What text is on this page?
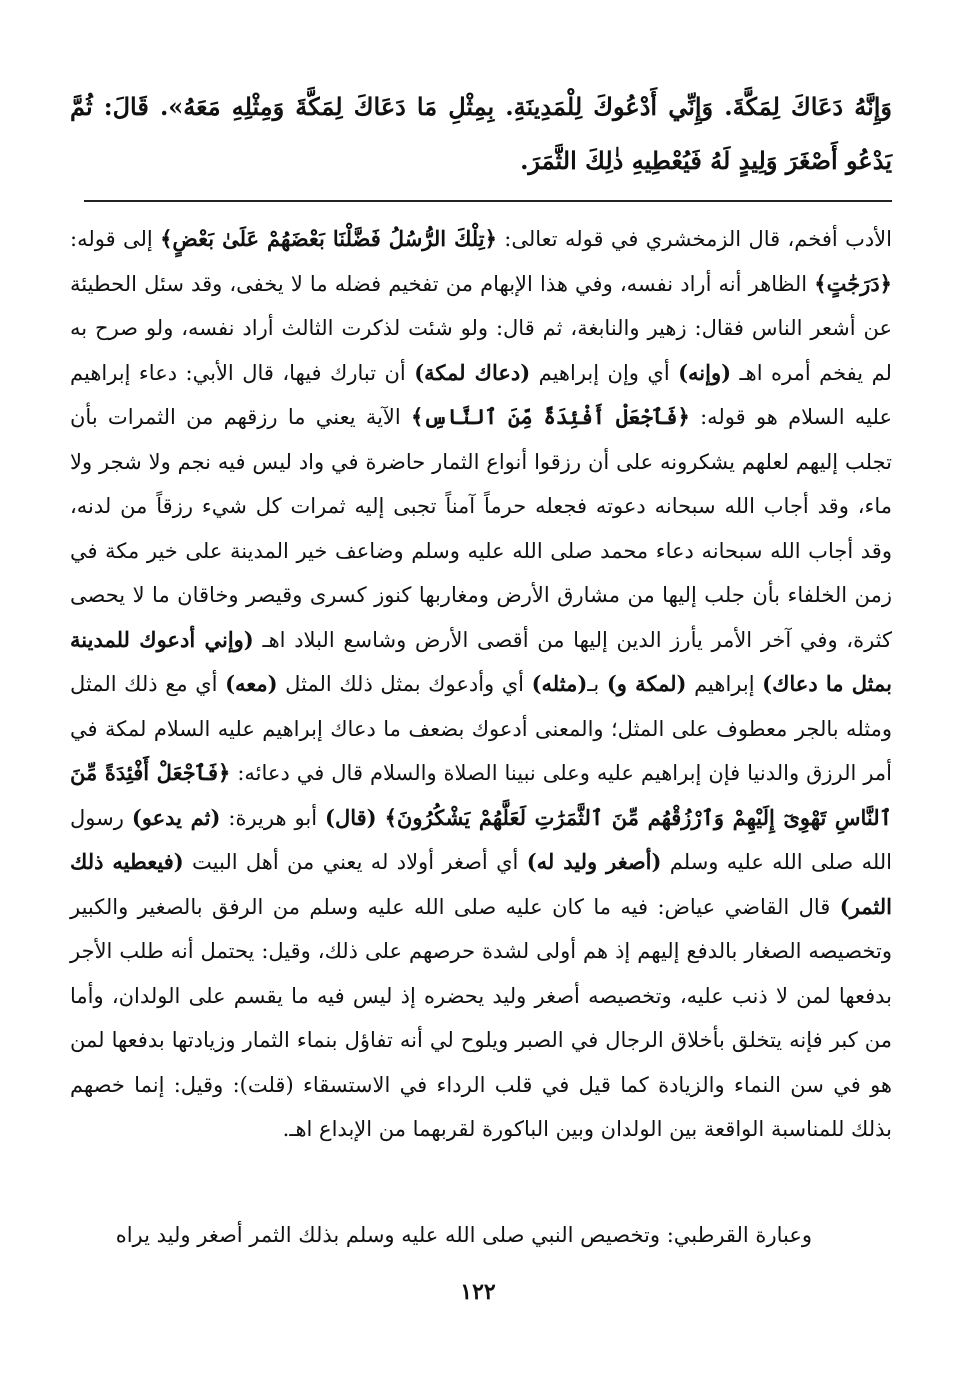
وَإِنَّهُ دَعَاكَ لِمَكَّةَ. وَإِنِّي أَدْعُوكَ لِلْمَدِينَةِ. بِمِثْلِ مَا دَعَاكَ لِمَكَّةَ وَمِثْلِهِ مَعَهُ». قَالَ: ثُمَّ يَدْعُو أَصْغَرَ وَلِيدٍ لَهُ فَيُعْطِيهِ ذٰلِكَ الثَّمَرَ.
الأدب أفخم، قال الزمخشري في قوله تعالى: ﴿تِلْكَ الرُّسُلُ فَضَّلْنَا بَعْضَهُمْ عَلَىٰ بَعْضٍ﴾ إلى قوله: ﴿دَرَجَٰتٍ﴾ الظاهر أنه أراد نفسه، وفي هذا الإبهام من تفخيم فضله ما لا يخفى، وقد سئل الحطيئة عن أشعر الناس فقال: زهير والنابغة، ثم قال: ولو شئت لذكرت الثالث أراد نفسه، ولو صرح به لم يفخم أمره اهـ (وإنه) أي وإن إبراهيم (دعاك لمكة) أن تبارك فيها، قال الأبي: دعاء إبراهيم عليه السلام هو قوله: ﴿فَٱجْعَلْ أَفْئِدَةً مِّنَ ٱلنَّاسِ﴾ الآية يعني ما رزقهم من الثمرات بأن تجلب إليهم لعلهم يشكرونه على أن رزقوا أنواع الثمار حاضرة في واد ليس فيه نجم ولا شجر ولا ماء، وقد أجاب الله سبحانه دعوته فجعله حرماً آمناً تجبى إليه ثمرات كل شيء رزقاً من لدنه، وقد أجاب الله سبحانه دعاء محمد صلى الله عليه وسلم وضاعف خير المدينة على خير مكة في زمن الخلفاء بأن جلب إليها من مشارق الأرض ومغاربها كنوز كسرى وقيصر وخاقان ما لا يحصى كثرة، وفي آخر الأمر يأرز الدين إليها من أقصى الأرض وشاسع البلاد اهـ (وإني أدعوك للمدينة بمثل ما دعاك) إبراهيم (لمكة و) بـ(مثله) أي وأدعوك بمثل ذلك المثل (معه) أي مع ذلك المثل ومثله بالجر معطوف على المثل؛ والمعنى أدعوك بضعف ما دعاك إبراهيم عليه السلام لمكة في أمر الرزق والدنيا فإن إبراهيم عليه وعلى نبينا الصلاة والسلام قال في دعائه: ﴿فَٱجْعَلْ أَفْئِدَةً مِّنَ ٱلنَّاسِ تَهْوِىٓ إِلَيْهِمْ وَٱرْزُقْهُم مِّنَ ٱلثَّمَرَٰتِ لَعَلَّهُمْ يَشْكُرُونَ﴾ (قال) أبو هريرة: (ثم يدعو) رسول الله صلى الله عليه وسلم (أصغر وليد له) أي أصغر أولاد له يعني من أهل البيت (فيعطيه ذلك الثمر) قال القاضي عياض: فيه ما كان عليه صلى الله عليه وسلم من الرفق بالصغير والكبير وتخصيصه الصغار بالدفع إليهم إذ هم أولى لشدة حرصهم على ذلك، وقيل: يحتمل أنه طلب الأجر بدفعها لمن لا ذنب عليه، وتخصيصه أصغر وليد يحضره إذ ليس فيه ما يقسم على الولدان، وأما من كبر فإنه يتخلق بأخلاق الرجال في الصبر ويلوح لي أنه تفاؤل بنماء الثمار وزيادتها بدفعها لمن هو في سن النماء والزيادة كما قيل في قلب الرداء في الاستسقاء (قلت): وقيل: إنما خصهم بذلك للمناسبة الواقعة بين الولدان وبين الباكورة لقربهما من الإبداع اهـ.
وعبارة القرطبي: وتخصيص النبي صلى الله عليه وسلم بذلك الثمر أصغر وليد يراه
١٢٢
